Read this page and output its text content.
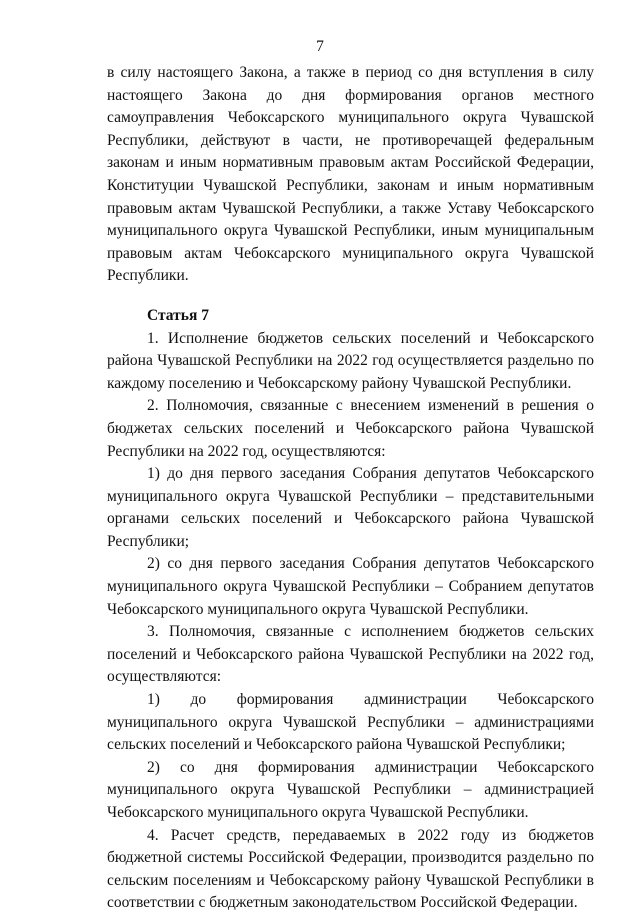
7

в силу настоящего Закона, а также в период со дня вступления в силу настоящего Закона до дня формирования органов местного самоуправления Чебоксарского муниципального округа Чувашской Республики, действуют в части, не противоречащей федеральным законам и иным нормативным правовым актам Российской Федерации, Конституции Чувашской Республики, законам и иным нормативным правовым актам Чувашской Республики, а также Уставу Чебоксарского муниципального округа Чувашской Республики, иным муниципальным правовым актам Чебоксарского муниципального округа Чувашской Республики.

Статья 7

1. Исполнение бюджетов сельских поселений и Чебоксарского района Чувашской Республики на 2022 год осуществляется раздельно по каждому поселению и Чебоксарскому району Чувашской Республики.

2. Полномочия, связанные с внесением изменений в решения о бюджетах сельских поселений и Чебоксарского района Чувашской Республики на 2022 год, осуществляются:

1) до дня первого заседания Собрания депутатов Чебоксарского муниципального округа Чувашской Республики – представительными органами сельских поселений и Чебоксарского района Чувашской Республики;

2) со дня первого заседания Собрания депутатов Чебоксарского муниципального округа Чувашской Республики – Собранием депутатов Чебоксарского муниципального округа Чувашской Республики.

3. Полномочия, связанные с исполнением бюджетов сельских поселений и Чебоксарского района Чувашской Республики на 2022 год, осуществляются:

1) до формирования администрации Чебоксарского муниципального округа Чувашской Республики – администрациями сельских поселений и Чебоксарского района Чувашской Республики;

2) со дня формирования администрации Чебоксарского муниципального округа Чувашской Республики – администрацией Чебоксарского муниципального округа Чувашской Республики.

4. Расчет средств, передаваемых в 2022 году из бюджетов бюджетной системы Российской Федерации, производится раздельно по сельским поселениям и Чебоксарскому району Чувашской Республики в соответствии с бюджетным законодательством Российской Федерации.
